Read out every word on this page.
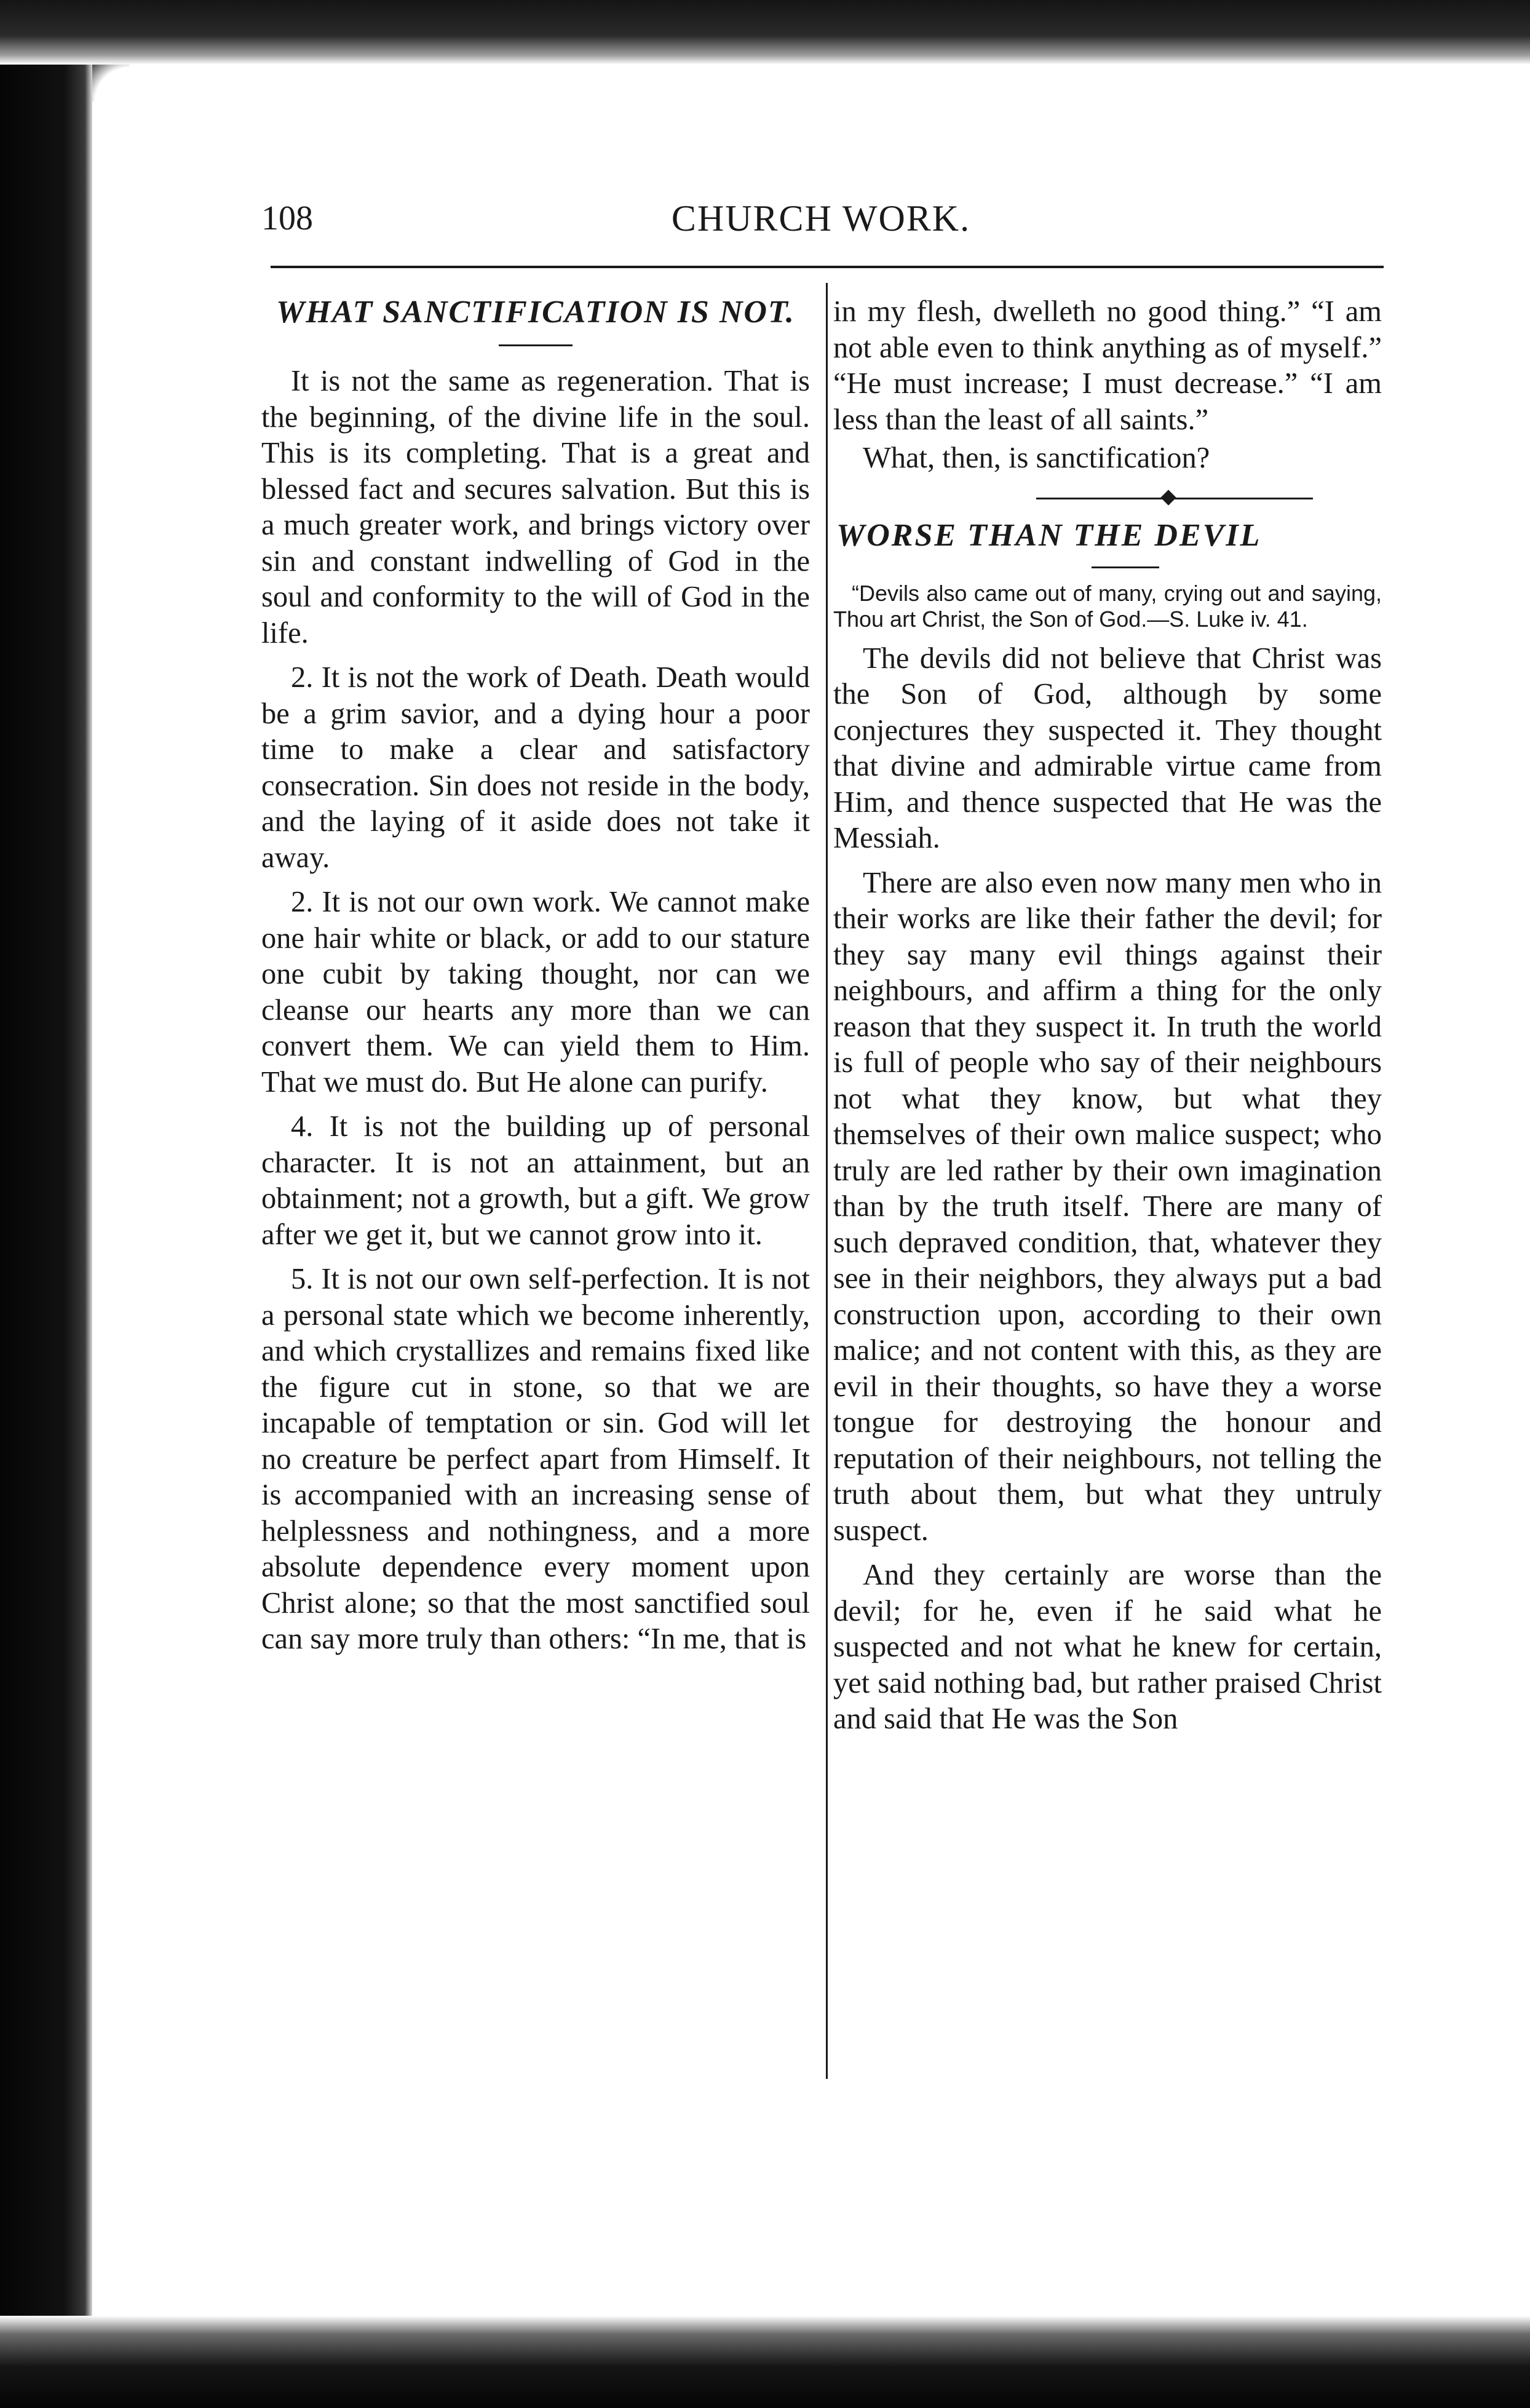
108	CHURCH WORK.
WHAT SANCTIFICATION IS NOT.

It is not the same as regeneration. That is the beginning, of the divine life in the soul. This is its completing. That is a great and blessed fact and secures salvation. But this is a much greater work, and brings victory over sin and constant indwelling of God in the soul and conformity to the will of God in the life.

2. It is not the work of Death. Death would be a grim savior, and a dying hour a poor time to make a clear and satisfactory consecration. Sin does not reside in the body, and the laying of it aside does not take it away.

2. It is not our own work. We cannot make one hair white or black, or add to our stature one cubit by taking thought, nor can we cleanse our hearts any more than we can convert them. We can yield them to Him. That we must do. But He alone can purify.

4. It is not the building up of personal character. It is not an attainment, but an obtainment; not a growth, but a gift. We grow after we get it, but we cannot grow into it.

5. It is not our own self-perfection. It is not a personal state which we become inherently, and which crystallizes and remains fixed like the figure cut in stone, so that we are incapable of temptation or sin. God will let no creature be perfect apart from Himself. It is accompanied with an increasing sense of helplessness and nothingness, and a more absolute dependence every moment upon Christ alone; so that the most sanctified soul can say more truly than others: “In me, that is

in my flesh, dwelleth no good thing.” “I am not able even to think anything as of myself.” “He must increase; I must decrease.” “I am less than the least of all saints.”

What, then, is sanctification?

WORSE THAN THE DEVIL

“Devils also came out of many, crying out and saying, Thou art Christ, the Son of God.—S. Luke iv. 41.

The devils did not believe that Christ was the Son of God, although by some conjectures they suspected it. They thought that divine and admirable virtue came from Him, and thence suspected that He was the Messiah.

There are also even now many men who in their works are like their father the devil; for they say many evil things against their neighbours, and affirm a thing for the only reason that they suspect it. In truth the world is full of people who say of their neighbours not what they know, but what they themselves of their own malice suspect; who truly are led rather by their own imagination than by the truth itself. There are many of such depraved condition, that, whatever they see in their neighbors, they always put a bad construction upon, according to their own malice; and not content with this, as they are evil in their thoughts, so have they a worse tongue for destroying the honour and reputation of their neighbours, not telling the truth about them, but what they untruly suspect.

And they certainly are worse than the devil; for he, even if he said what he suspected and not what he knew for certain, yet said nothing bad, but rather praised Christ and said that He was the Son
